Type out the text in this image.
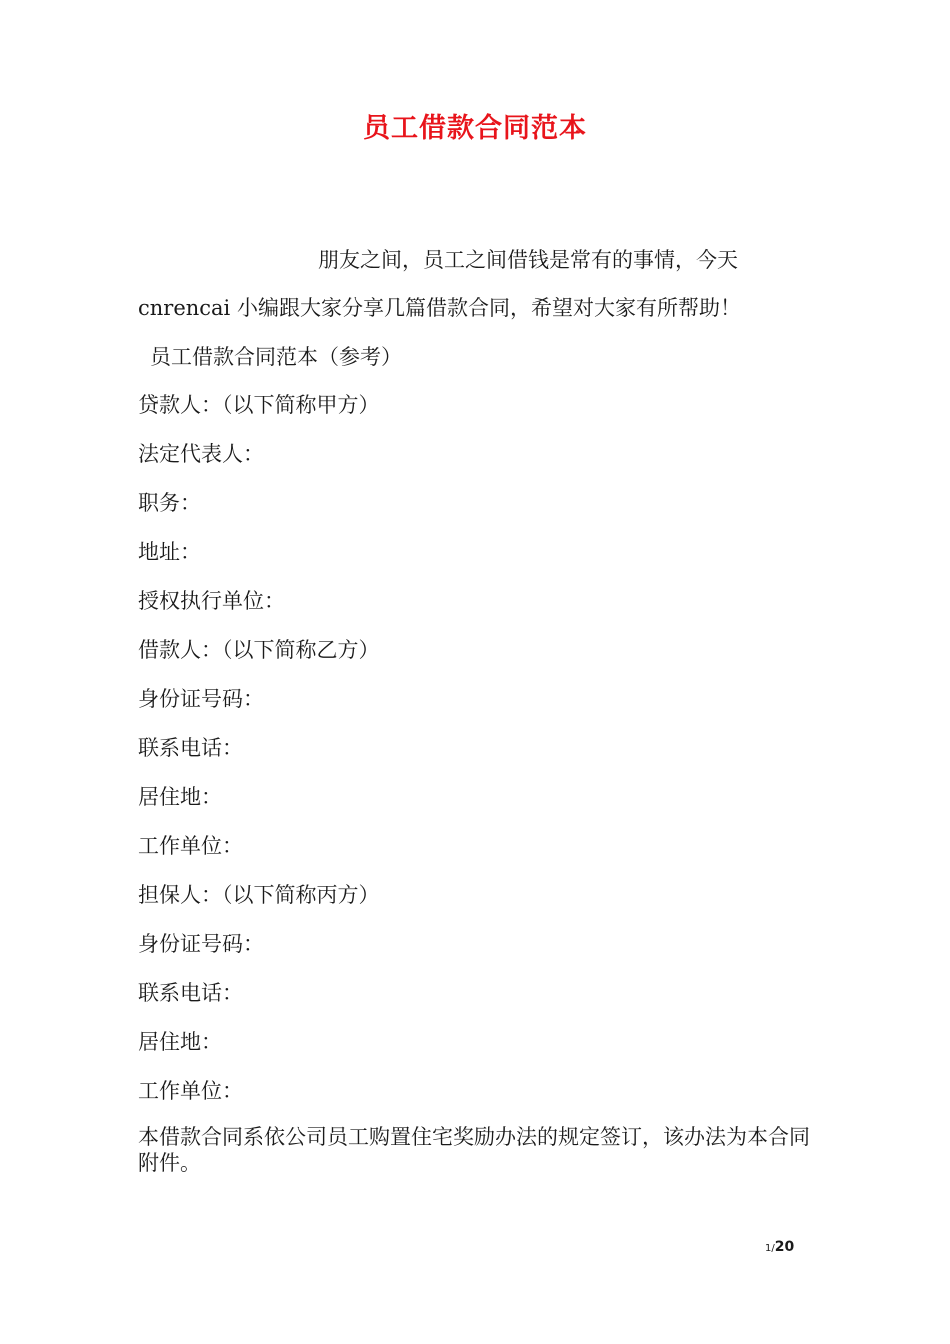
员工借款合同范本
朋友之间，员工之间借钱是常有的事情，今天
cnrencai 小编跟大家分享几篇借款合同，希望对大家有所帮助！
员工借款合同范本（参考）
贷款人：（以下简称甲方）
法定代表人：
职务：
地址：
授权执行单位：
借款人：（以下简称乙方）
身份证号码：
联系电话：
居住地：
工作单位：
担保人：（以下简称丙方）
身份证号码：
联系电话：
居住地：
工作单位：
本借款合同系依公司员工购置住宅奖励办法的规定签订，该办法为本合同附件。
1/20
